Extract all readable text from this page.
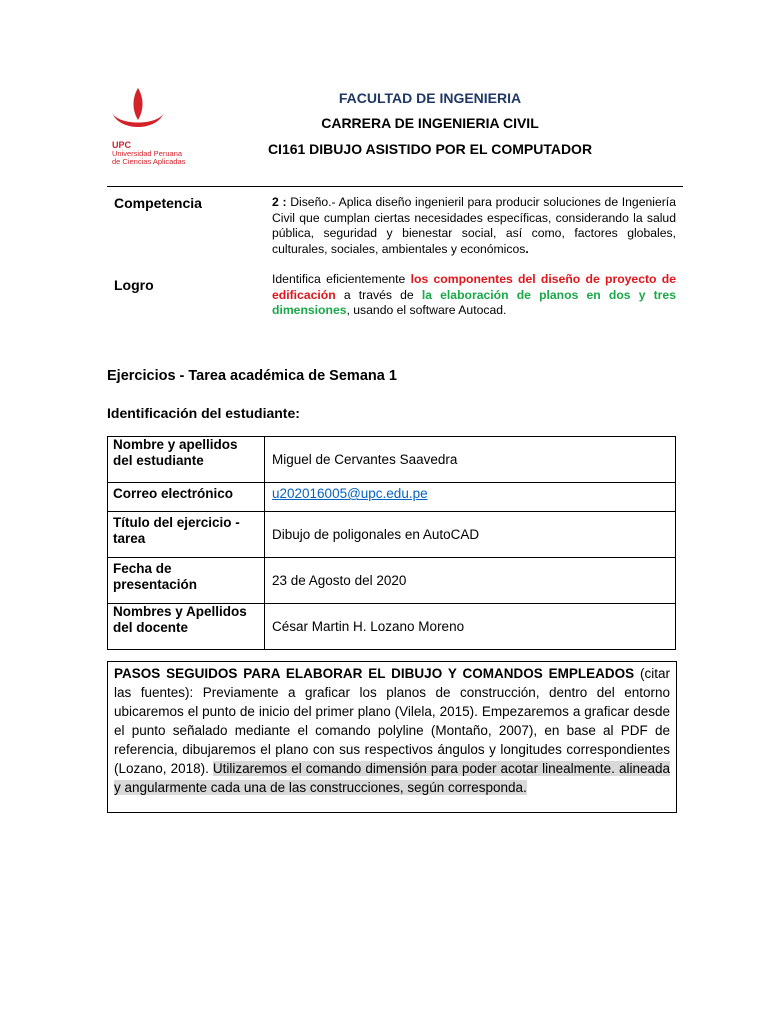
UPC
Universidad Peruana
de Ciencias Aplicadas
FACULTAD DE INGENIERIA
CARRERA DE INGENIERIA CIVIL
CI161 DIBUJO ASISTIDO POR EL COMPUTADOR
Competencia	2 : Diseño.- Aplica diseño ingenieril para producir soluciones de Ingeniería Civil que cumplan ciertas necesidades específicas, considerando la salud pública, seguridad y bienestar social, así como, factores globales, culturales, sociales, ambientales y económicos.
Logro	Identifica eficientemente los componentes del diseño de proyecto de edificación a través de la elaboración de planos en dos y tres dimensiones, usando el software Autocad.
Ejercicios - Tarea académica de Semana 1
Identificación del estudiante:
Nombre y apellidos del estudiante	Miguel de Cervantes Saavedra
Correo electrónico	u202016005@upc.edu.pe
Título del ejercicio - tarea	Dibujo de poligonales en AutoCAD
Fecha de presentación	23 de Agosto del 2020
Nombres y Apellidos del docente	César Martin H. Lozano Moreno
PASOS SEGUIDOS PARA ELABORAR EL DIBUJO Y COMANDOS EMPLEADOS (citar las fuentes): Previamente a graficar los planos de construcción, dentro del entorno ubicaremos el punto de inicio del primer plano (Vilela, 2015). Empezaremos a graficar desde el punto señalado mediante el comando polyline (Montaño, 2007), en base al PDF de referencia, dibujaremos el plano con sus respectivos ángulos y longitudes correspondientes (Lozano, 2018). Utilizaremos el comando dimensión para poder acotar linealmente. alineada y angularmente cada una de las construcciones, según corresponda.
